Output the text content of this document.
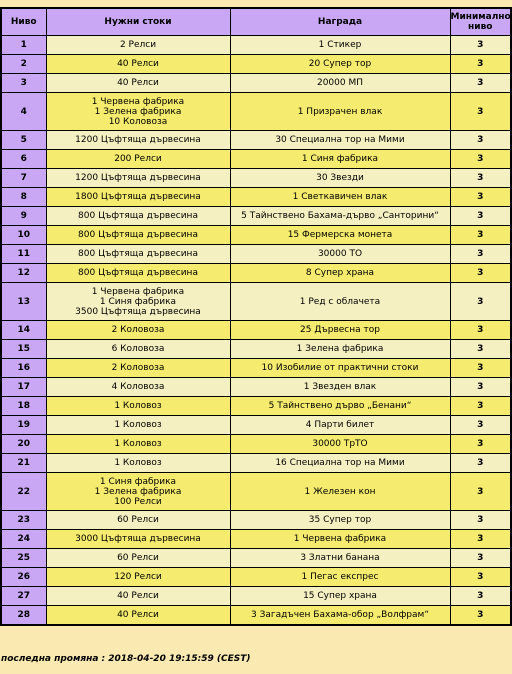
Ниво	Нужни стоки	Награда	Минимално ниво
1	2 Релси	1 Стикер	3
2	40 Релси	20 Супер тор	3
3	40 Релси	20000 МП	3
4	1 Червена фабрика
1 Зелена фабрика
10 Коловоза	1 Призрачен влак	3
5	1200 Цъфтяща дървесина	30 Специална тор на Мими	3
6	200 Релси	1 Синя фабрика	3
7	1200 Цъфтяща дървесина	30 Звезди	3
8	1800 Цъфтяща дървесина	1 Светкавичен влак	3
9	800 Цъфтяща дървесина	5 Тайнствено Бахама-дърво „Санторини“	3
10	800 Цъфтяща дървесина	15 Фермерска монета	3
11	800 Цъфтяща дървесина	30000 ТО	3
12	800 Цъфтяща дървесина	8 Супер храна	3
13	1 Червена фабрика
1 Синя фабрика
3500 Цъфтяща дървесина	1 Ред с облачета	3
14	2 Коловоза	25 Дървесна тор	3
15	6 Коловоза	1 Зелена фабрика	3
16	2 Коловоза	10 Изобилие от практични стоки	3
17	4 Коловоза	1 Звезден влак	3
18	1 Коловоз	5 Тайнствено дърво „Бенани“	3
19	1 Коловоз	4 Парти билет	3
20	1 Коловоз	30000 ТрТО	3
21	1 Коловоз	16 Специална тор на Мими	3
22	1 Синя фабрика
1 Зелена фабрика
100 Релси	1 Железен кон	3
23	60 Релси	35 Супер тор	3
24	3000 Цъфтяща дървесина	1 Червена фабрика	3
25	60 Релси	3 Златни банана	3
26	120 Релси	1 Пегас експрес	3
27	40 Релси	15 Супер храна	3
28	40 Релси	3 Загадъчен Бахама-обор „Волфрам“	3
последна промяна : 2018-04-20 19:15:59 (CEST)
